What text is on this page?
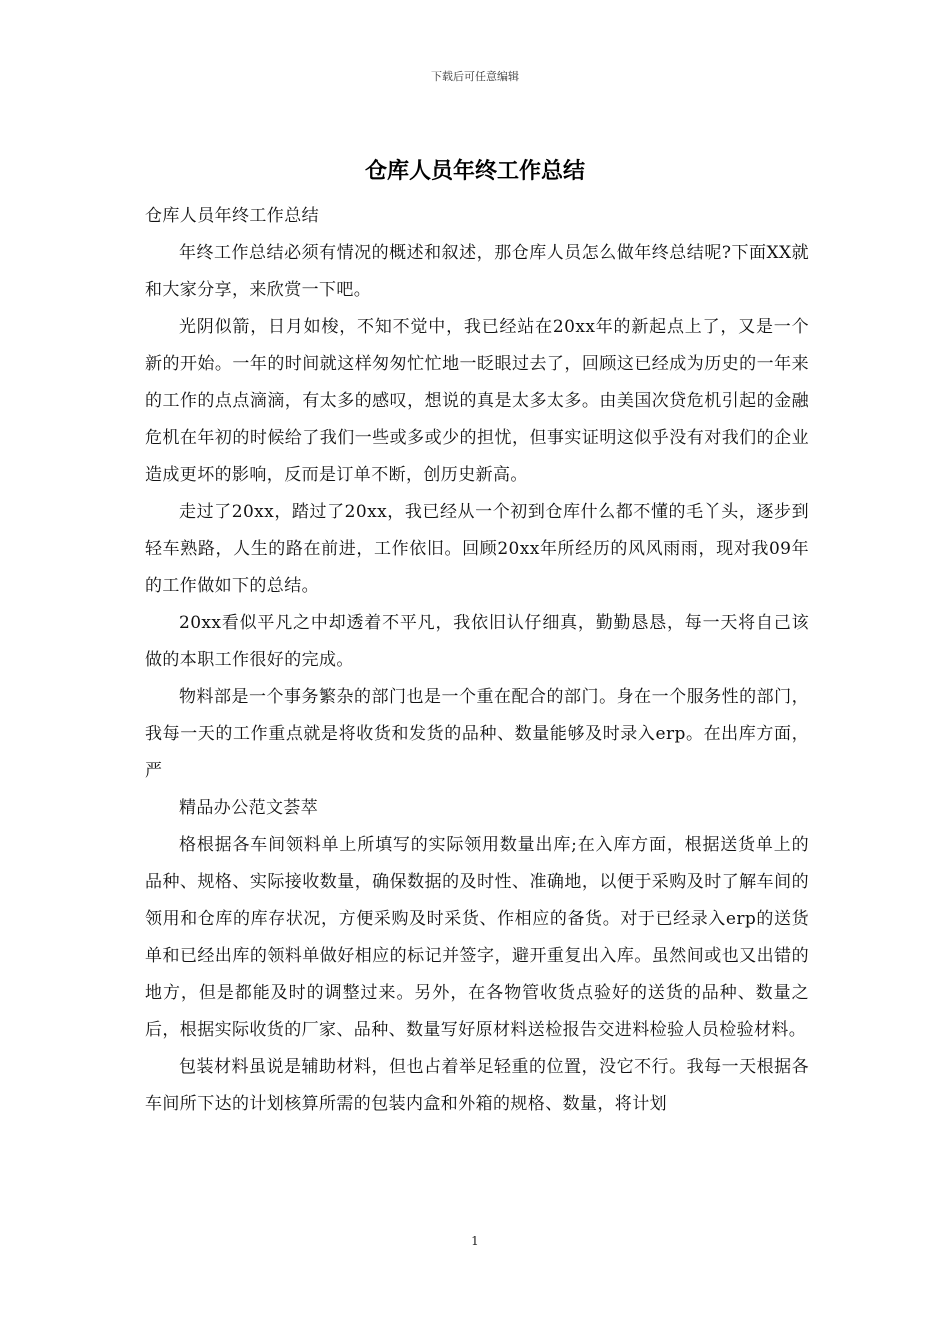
下载后可任意编辑
仓库人员年终工作总结

仓库人员年终工作总结

年终工作总结必须有情况的概述和叙述，那仓库人员怎么做年终总结呢?下面XX就和大家分享，来欣赏一下吧。

光阴似箭，日月如梭，不知不觉中，我已经站在20xx年的新起点上了，又是一个新的开始。一年的时间就这样匆匆忙忙地一眨眼过去了，回顾这已经成为历史的一年来的工作的点点滴滴，有太多的感叹，想说的真是太多太多。由美国次贷危机引起的金融危机在年初的时候给了我们一些或多或少的担忧，但事实证明这似乎没有对我们的企业造成更坏的影响，反而是订单不断，创历史新高。

走过了20xx，踏过了20xx，我已经从一个初到仓库什么都不懂的毛丫头，逐步到轻车熟路，人生的路在前进，工作依旧。回顾20xx年所经历的风风雨雨，现对我09年的工作做如下的总结。

20xx看似平凡之中却透着不平凡，我依旧认仔细真，勤勤恳恳，每一天将自己该做的本职工作很好的完成。

物料部是一个事务繁杂的部门也是一个重在配合的部门。身在一个服务性的部门，我每一天的工作重点就是将收货和发货的品种、数量能够及时录入erp。在出库方面，严

精品办公范文荟萃

格根据各车间领料单上所填写的实际领用数量出库;在入库方面，根据送货单上的品种、规格、实际接收数量，确保数据的及时性、准确地，以便于采购及时了解车间的领用和仓库的库存状况，方便采购及时采货、作相应的备货。对于已经录入erp的送货单和已经出库的领料单做好相应的标记并签字，避开重复出入库。虽然间或也又出错的地方，但是都能及时的调整过来。另外，在各物管收货点验好的送货的品种、数量之后，根据实际收货的厂家、品种、数量写好原材料送检报告交进料检验人员检验材料。

包装材料虽说是辅助材料，但也占着举足轻重的位置，没它不行。我每一天根据各车间所下达的计划核算所需的包装内盒和外箱的规格、数量，将计划

1
